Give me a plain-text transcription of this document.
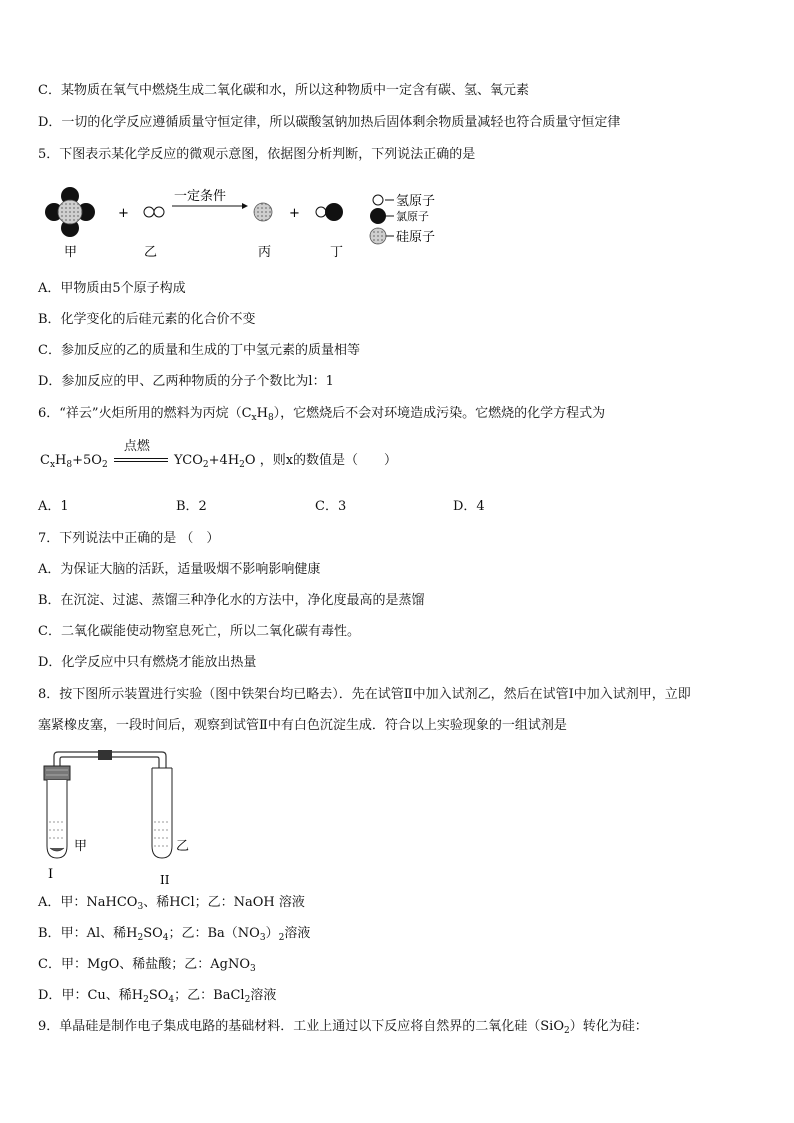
C．某物质在氧气中燃烧生成二氧化碳和水，所以这种物质中一定含有碳、氢、氧元素
D．一切的化学反应遵循质量守恒定律，所以碳酸氢钠加热后固体剩余物质量减轻也符合质量守恒定律
5．下图表示某化学反应的微观示意图，依据图分析判断，下列说法正确的是
+
一定条件
+
甲	乙	丙	丁
氢原子
氯原子
硅原子
A．甲物质由5个原子构成
B．化学变化的后硅元素的化合价不变
C．参加反应的乙的质量和生成的丁中氢元素的质量相等
D．参加反应的甲、乙两种物质的分子个数比为l：1
6．“祥云”火炬所用的燃料为丙烷$(C_xH_8)$，它燃烧后不会对环境造成污染。它燃烧的化学方程式为
$C_xH_8+5O_2$
点燃
$YCO_2+4H_2O$ ，则x的数值是（　　）
A．1	B．2	C．3	D．4
7．下列说法中正确的是 （　）
A．为保证大脑的活跃，适量吸烟不影响影响健康
B．在沉淀、过滤、蒸馏三种净化水的方法中，净化度最高的是蒸馏
C．二氧化碳能使动物窒息死亡，所以二氧化碳有毒性。
D．化学反应中只有燃烧才能放出热量
8．按下图所示装置进行实验（图中铁架台均已略去）．先在试管Ⅱ中加入试剂乙，然后在试管Ⅰ中加入试剂甲，立即
塞紧橡皮塞，一段时间后，观察到试管Ⅱ中有白色沉淀生成．符合以上实验现象的一组试剂是
甲	乙
I	II
A．甲：NaHCO$_3$、稀HCl；乙：NaOH 溶液
B．甲：Al、稀$H_2SO_4$；乙：$Ba(NO_3)_2$溶液
C．甲：MgO、稀盐酸；乙：AgNO$_3$
D．甲：Cu、稀$H_2SO_4$；乙：BaCl$_2$溶液
9．单晶硅是制作电子集成电路的基础材料．工业上通过以下反应将自然界的二氧化硅（SiO$_2$）转化为硅：
